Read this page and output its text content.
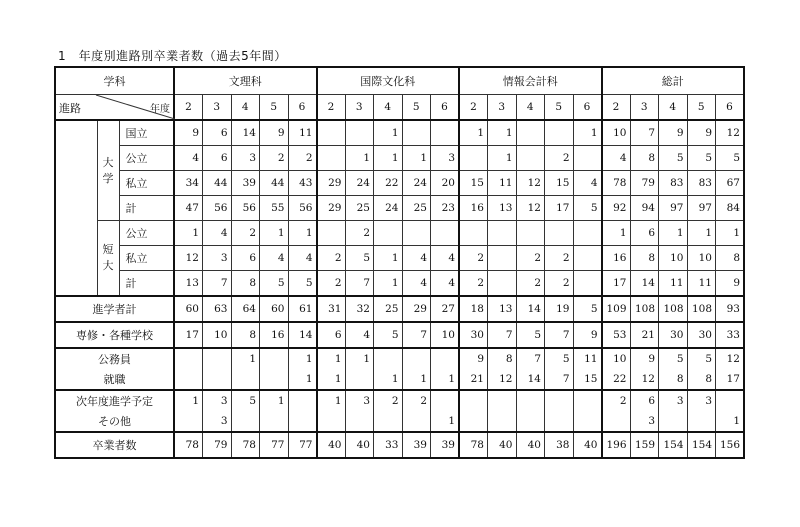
1　年度別進路別卒業者数（過去5年間）
学科			文理科					国際文化科					情報会計科					総計				

進路 年度			2	3	4	5	6	2	3	4	5	6	2	3	4	5	6	2	3	4	5	6

	大
学	国立	9	6	14	9	11			1			1	1			1	10	7	9	9	12
		公立	4	6	3	2	2		1	1	1	3		1		2		4	8	5	5	5
		私立	34	44	39	44	43	29	24	22	24	20	15	11	12	15	4	78	79	83	83	67
		計	47	56	56	55	56	29	25	24	25	23	16	13	12	17	5	92	94	97	97	84

	短
大	公立	1	4	2	1	1		2									1	6	1	1	1
		私立	12	3	6	4	4	2	5	1	4	4	2		2	2		16	8	10	10	8
		計	13	7	8	5	5	2	7	1	4	4	2		2	2		17	14	11	11	9
進学者計			60	63	64	60	61	31	32	25	29	27	18	13	14	19	5	109	108	108	108	93
専修・各種学校			17	10	8	16	14	6	4	5	7	10	30	7	5	7	9	53	21	30	30	33
公務員					1		1	1	1				9	8	7	5	11	10	9	5	5	12
就職							1	1		1	1	1	21	12	14	7	15	22	12	8	8	17
次年度進学予定			1	3	5	1		1	3	2	2							2	6	3	3	
その他				3								1							3			1
卒業者数			78	79	78	77	77	40	40	33	39	39	78	40	40	38	40	196	159	154	154	156
